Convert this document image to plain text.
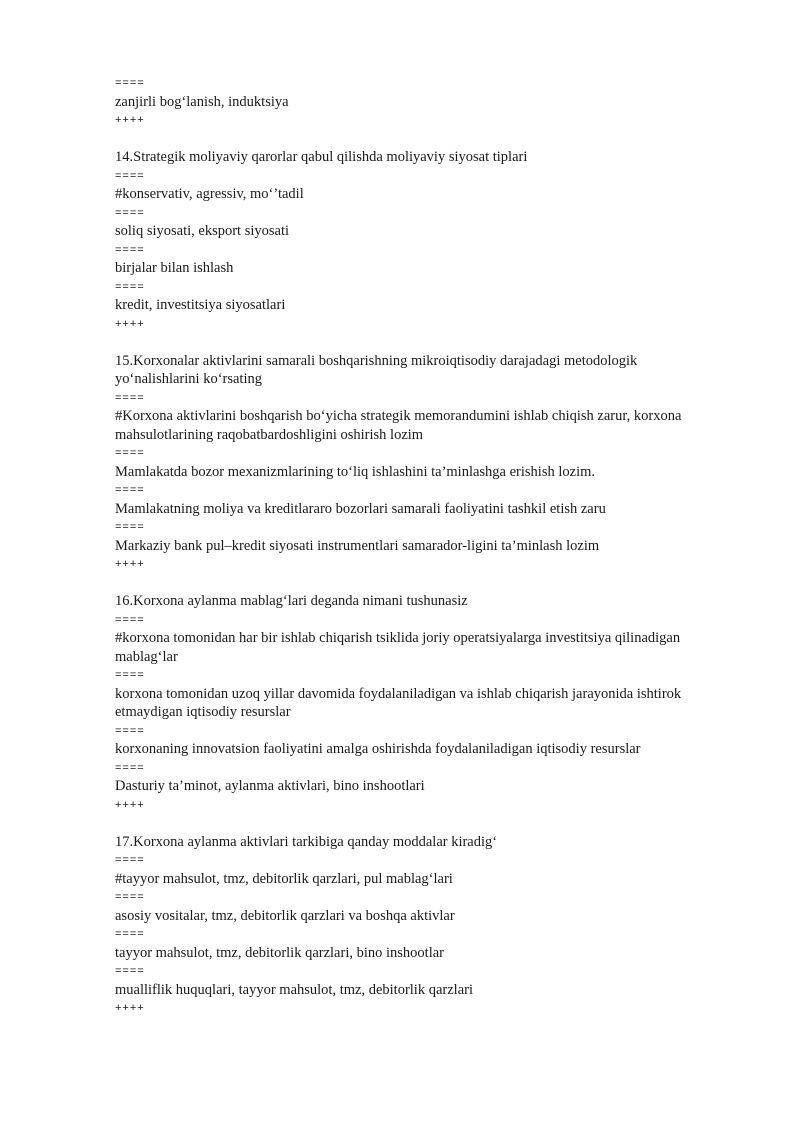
====
zanjirli bog‘lanish, induktsiya
++++
14.Strategik moliyaviy qarorlar qabul qilishda moliyaviy siyosat tiplari
====
#konservativ, agressiv, mo‘’tadil
====
soliq siyosati, eksport siyosati
====
birjalar bilan ishlash
====
kredit, investitsiya siyosatlari
++++
15.Korxonalar aktivlarini samarali boshqarishning mikroiqtisodiy darajadagi metodologik yo‘nalishlarini ko‘rsating
====
#Korxona aktivlarini boshqarish bo‘yicha strategik memorandumini ishlab chiqish zarur, korxona mahsulotlarining raqobatbardoshligini oshirish lozim
====
Mamlakatda bozor mexanizmlarining to‘liq ishlashini ta’minlashga erishish lozim.
====
Mamlakatning moliya va kreditlararo bozorlari samarali faoliyatini tashkil etish zaru
====
Markaziy bank pul–kredit siyosati instrumentlari samarador-ligini ta’minlash lozim
++++
16.Korxona aylanma mablag‘lari deganda nimani tushunasiz
====
#korxona tomonidan har bir ishlab chiqarish tsiklida joriy operatsiyalarga investitsiya qilinadigan mablag‘lar
====
korxona tomonidan uzoq yillar davomida foydalaniladigan va ishlab chiqarish jarayonida ishtirok etmaydigan iqtisodiy resurslar
====
korxonaning innovatsion faoliyatini amalga oshirishda foydalaniladigan iqtisodiy resurslar
====
Dasturiy ta’minot, aylanma aktivlari, bino inshootlari
++++
17.Korxona aylanma aktivlari tarkibiga qanday moddalar kiradig‘
====
#tayyor mahsulot, tmz, debitorlik qarzlari, pul mablag‘lari
====
asosiy vositalar, tmz, debitorlik qarzlari va boshqa aktivlar
====
tayyor mahsulot, tmz, debitorlik qarzlari, bino inshootlar
====
mualliflik huquqlari, tayyor mahsulot, tmz, debitorlik qarzlari
++++
